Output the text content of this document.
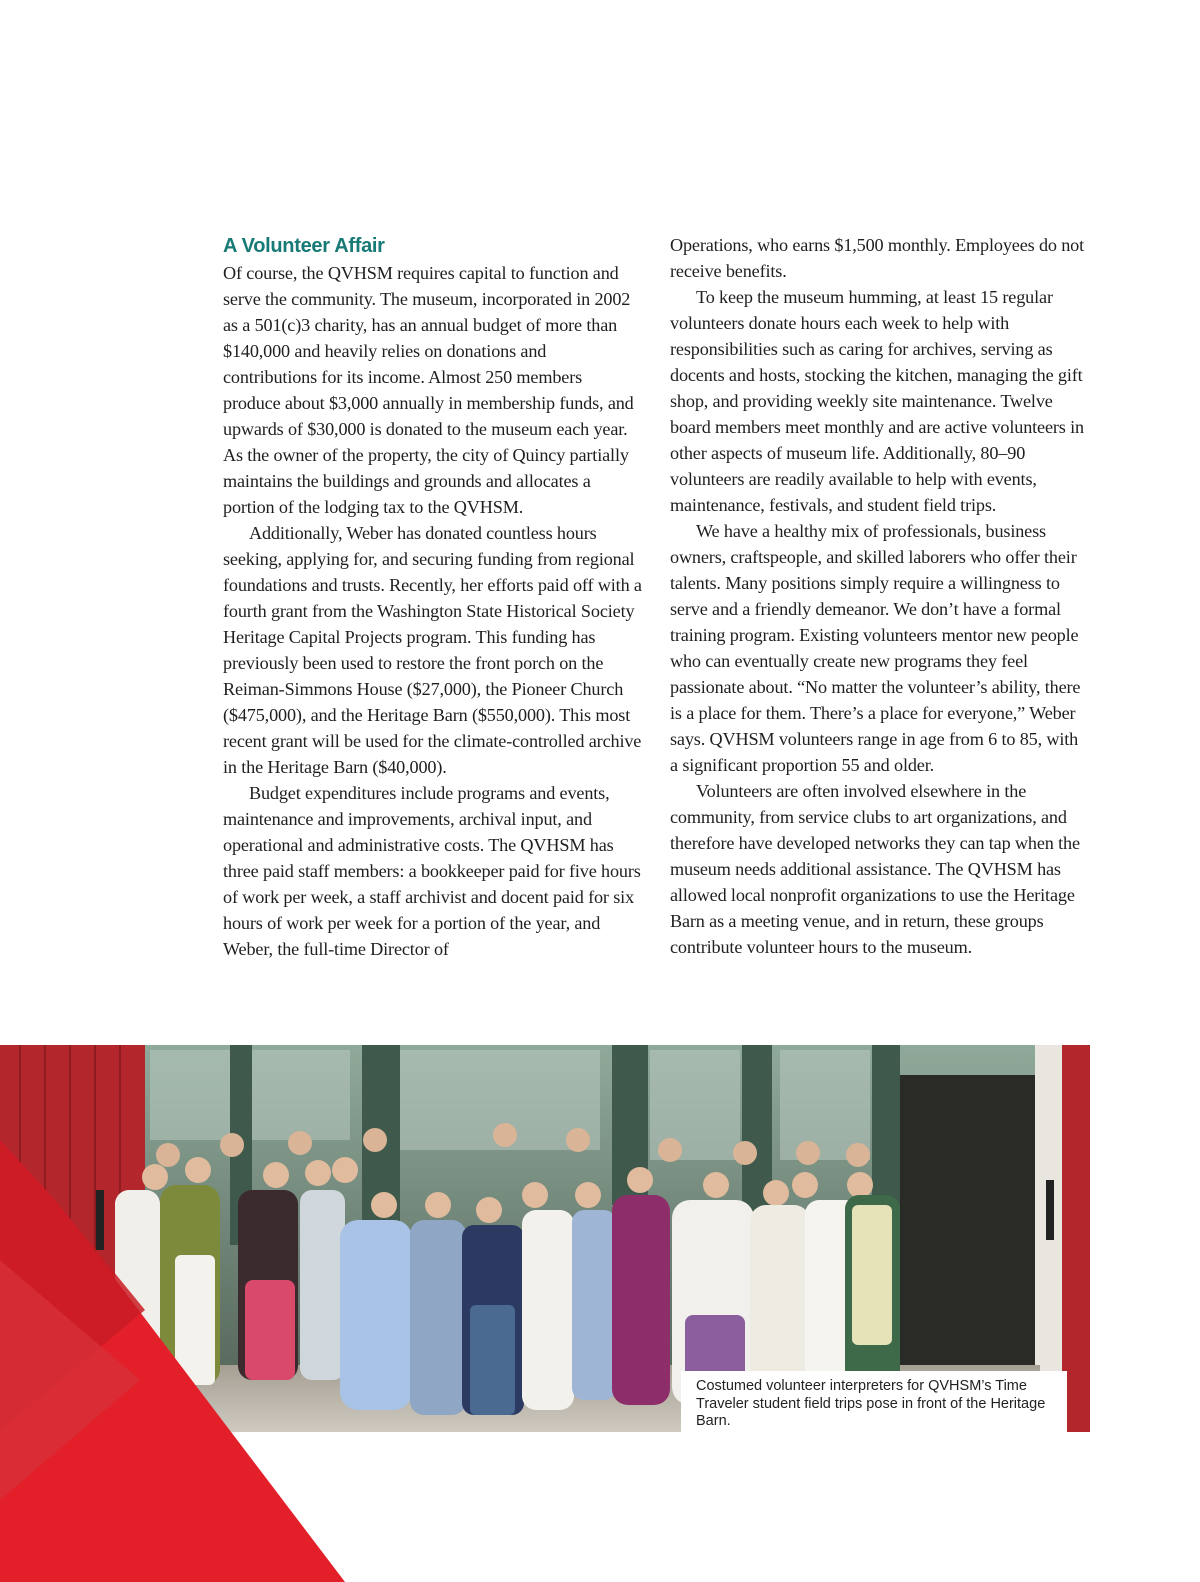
A Volunteer Affair

Of course, the QVHSM requires capital to function and serve the community. The museum, incorporated in 2002 as a 501(c)3 charity, has an annual budget of more than $140,000 and heavily relies on donations and contributions for its income. Almost 250 members produce about $3,000 annually in membership funds, and upwards of $30,000 is donated to the museum each year. As the owner of the property, the city of Quincy partially maintains the buildings and grounds and allocates a portion of the lodging tax to the QVHSM.

Additionally, Weber has donated countless hours seeking, applying for, and securing funding from regional foundations and trusts. Recently, her efforts paid off with a fourth grant from the Washington State Historical Society Heritage Capital Projects program. This funding has previously been used to restore the front porch on the Reiman-Simmons House ($27,000), the Pioneer Church ($475,000), and the Heritage Barn ($550,000). This most recent grant will be used for the climate-controlled archive in the Heritage Barn ($40,000).

Budget expenditures include programs and events, maintenance and improvements, archival input, and operational and administrative costs. The QVHSM has three paid staff members: a bookkeeper paid for five hours of work per week, a staff archivist and docent paid for six hours of work per week for a portion of the year, and Weber, the full-time Director of

Operations, who earns $1,500 monthly. Employees do not receive benefits.

To keep the museum humming, at least 15 regular volunteers donate hours each week to help with responsibilities such as caring for archives, serving as docents and hosts, stocking the kitchen, managing the gift shop, and providing weekly site maintenance. Twelve board members meet monthly and are active volunteers in other aspects of museum life. Additionally, 80–90 volunteers are readily available to help with events, maintenance, festivals, and student field trips.

We have a healthy mix of professionals, business owners, craftspeople, and skilled laborers who offer their talents. Many positions simply require a willingness to serve and a friendly demeanor. We don’t have a formal training program. Existing volunteers mentor new people who can eventually create new programs they feel passionate about. “No matter the volunteer’s ability, there is a place for them. There’s a place for everyone,” Weber says. QVHSM volunteers range in age from 6 to 85, with a significant proportion 55 and older.

Volunteers are often involved elsewhere in the community, from service clubs to art organizations, and therefore have developed networks they can tap when the museum needs additional assistance. The QVHSM has allowed local nonprofit organizations to use the Heritage Barn as a meeting venue, and in return, these groups contribute volunteer hours to the museum.

Costumed volunteer interpreters for QVHSM’s Time Traveler student field trips pose in front of the Heritage Barn.
